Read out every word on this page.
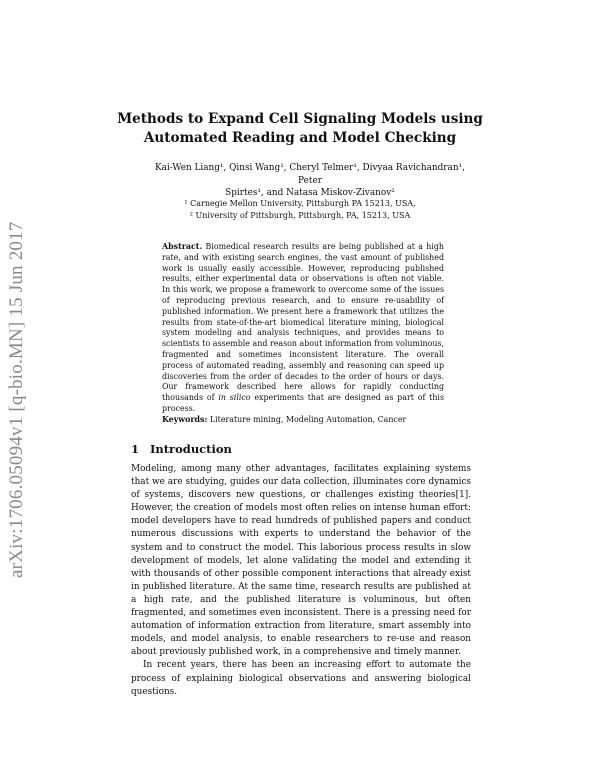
arXiv:1706.05094v1 [q-bio.MN] 15 Jun 2017
Methods to Expand Cell Signaling Models using
Automated Reading and Model Checking
Kai-Wen Liang¹, Qinsi Wang¹, Cheryl Telmer¹, Divyaa Ravichandran¹, Peter
Spirtes¹, and Natasa Miskov-Zivanov²
¹ Carnegie Mellon University, Pittsburgh PA 15213, USA,
² University of Pittsburgh, Pittsburgh, PA, 15213, USA
Abstract. Biomedical research results are being published at a high rate, and with existing search engines, the vast amount of published work is usually easily accessible. However, reproducing published results, either experimental data or observations is often not viable. In this work, we propose a framework to overcome some of the issues of reproducing previous research, and to ensure re-usability of published information. We present here a framework that utilizes the results from state-of-the-art biomedical literature mining, biological system modeling and analysis techniques, and provides means to scientists to assemble and reason about information from voluminous, fragmented and sometimes inconsistent literature. The overall process of automated reading, assembly and reasoning can speed up discoveries from the order of decades to the order of hours or days. Our framework described here allows for rapidly conducting thousands of in silico experiments that are designed as part of this process.
Keywords: Literature mining, Modeling Automation, Cancer
1 Introduction

Modeling, among many other advantages, facilitates explaining systems that we are studying, guides our data collection, illuminates core dynamics of systems, discovers new questions, or challenges existing theories[1]. However, the creation of models most often relies on intense human effort: model developers have to read hundreds of published papers and conduct numerous discussions with experts to understand the behavior of the system and to construct the model. This laborious process results in slow development of models, let alone validating the model and extending it with thousands of other possible component interactions that already exist in published literature. At the same time, research results are published at a high rate, and the published literature is voluminous, but often fragmented, and sometimes even inconsistent. There is a pressing need for automation of information extraction from literature, smart assembly into models, and model analysis, to enable researchers to re-use and reason about previously published work, in a comprehensive and timely manner.

In recent years, there has been an increasing effort to automate the process of explaining biological observations and answering biological questions.
